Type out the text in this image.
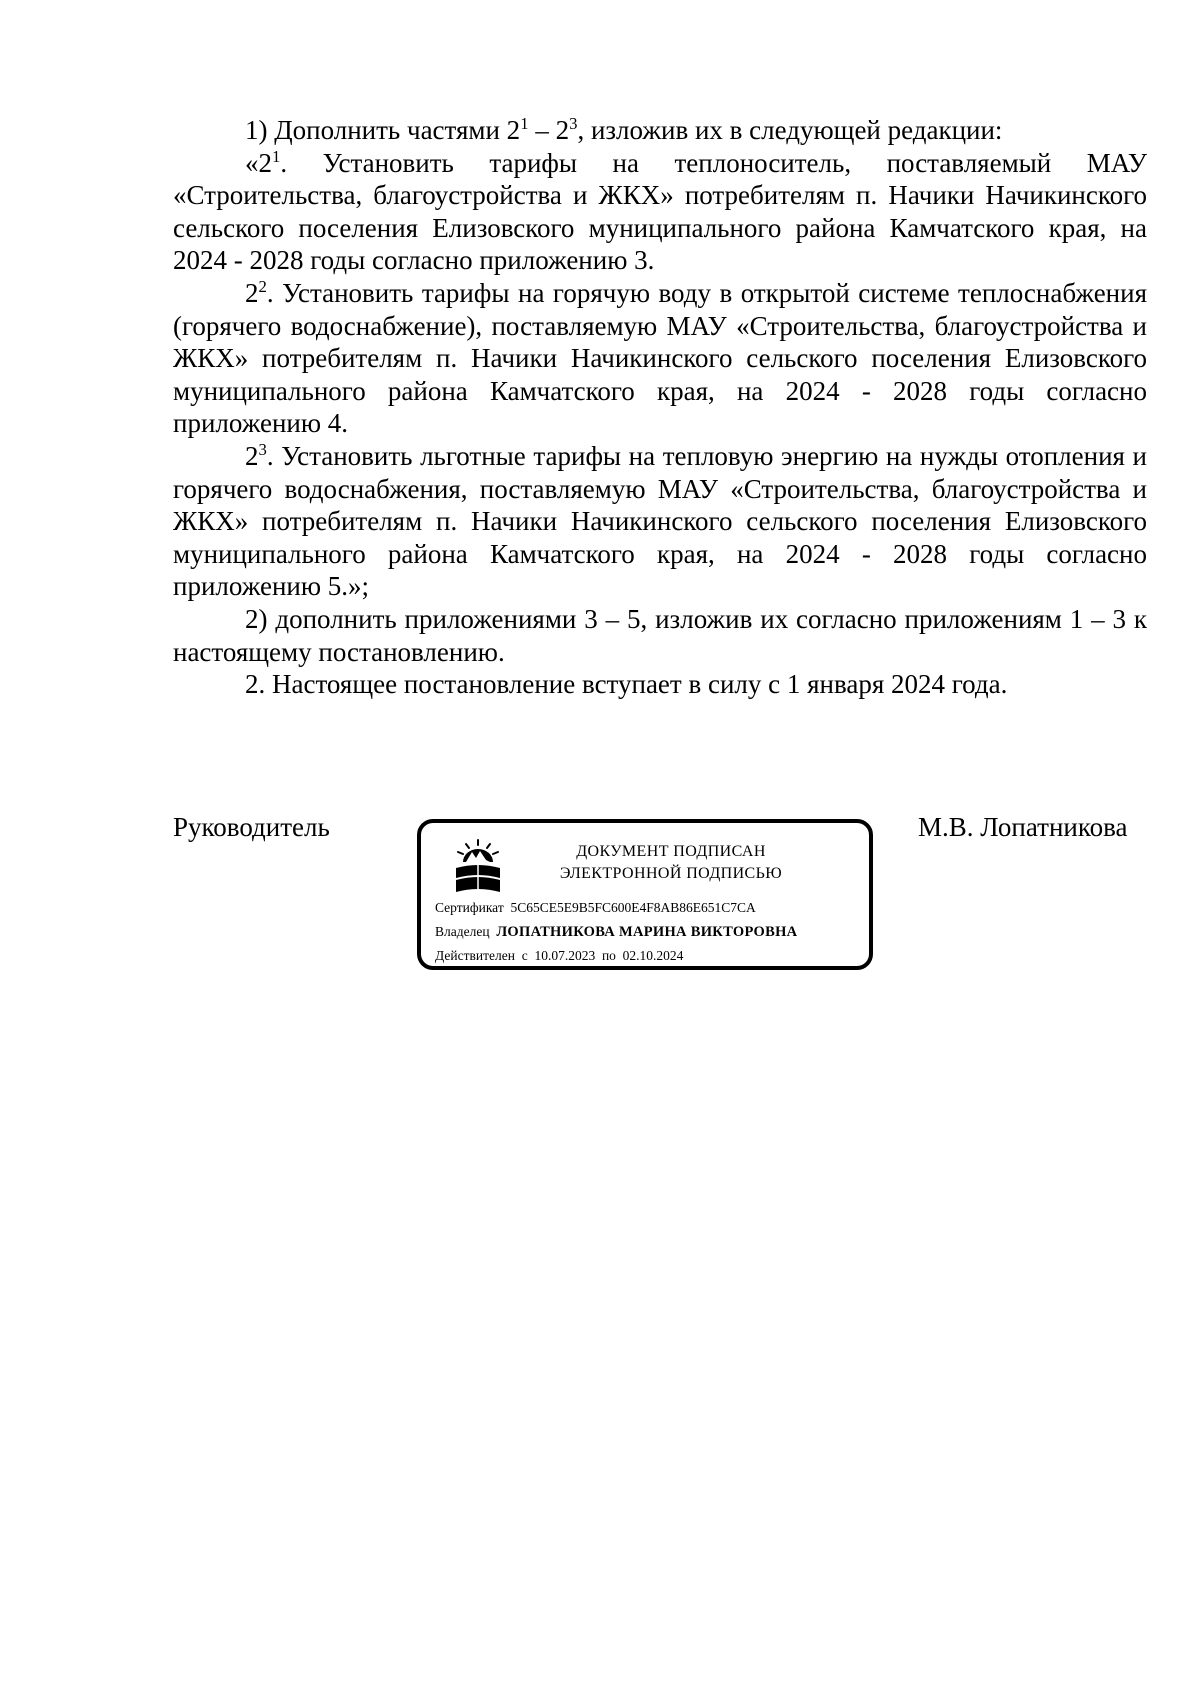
1) Дополнить частями $2^1 - 2^3$, изложив их в следующей редакции:

«$2^1$. Установить тарифы на теплоноситель, поставляемый МАУ «Строительства, благоустройства и ЖКХ» потребителям п. Начики Начикинского сельского поселения Елизовского муниципального района Камчатского края, на 2024 - 2028 годы согласно приложению 3.

$2^2$. Установить тарифы на горячую воду в открытой системе теплоснабжения (горячего водоснабжение), поставляемую МАУ «Строительства, благоустройства и ЖКХ» потребителям п. Начики Начикинского сельского поселения Елизовского муниципального района Камчатского края, на 2024 - 2028 годы согласно приложению 4.

$2^3$. Установить льготные тарифы на тепловую энергию на нужды отопления и горячего водоснабжения, поставляемую МАУ «Строительства, благоустройства и ЖКХ» потребителям п. Начики Начикинского сельского поселения Елизовского муниципального района Камчатского края, на 2024 - 2028 годы согласно приложению 5.»;

2) дополнить приложениями 3 – 5, изложив их согласно приложениям 1 – 3 к настоящему постановлению.

2. Настоящее постановление вступает в силу с 1 января 2024 года.

Руководитель	М.В. Лопатникова
ДОКУМЕНТ ПОДПИСАН
ЭЛЕКТРОННОЙ ПОДПИСЬЮ
Сертификат 5C65CE5E9B5FC600E4F8AB86E651C7CA
Владелец ЛОПАТНИКОВА МАРИНА ВИКТОРОВНА
Действителен с 10.07.2023 по 02.10.2024
